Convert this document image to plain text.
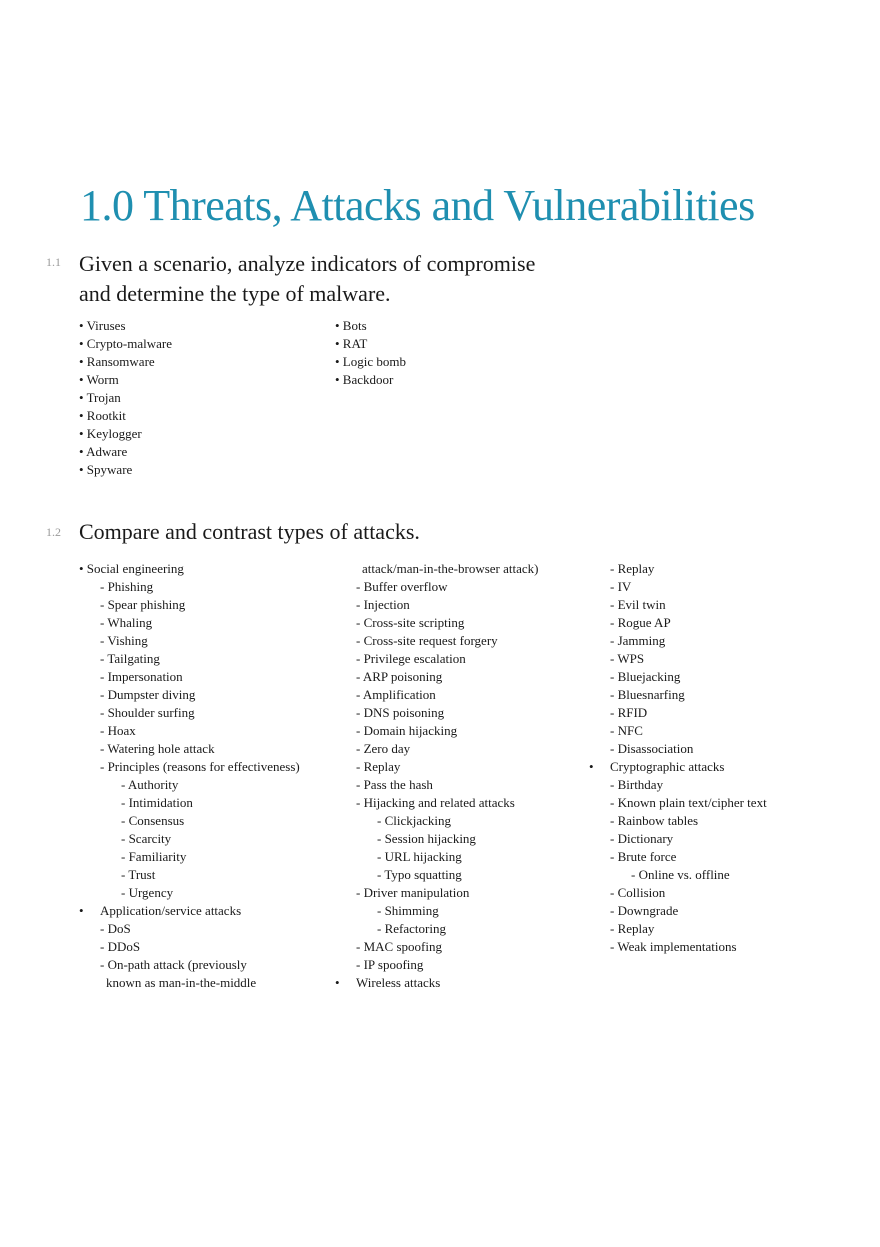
1.0 Threats, Attacks and Vulnerabilities
1.1 Given a scenario, analyze indicators of compromise
and determine the type of malware.
• Viruses
• Crypto-malware
• Ransomware
• Worm
• Trojan
• Rootkit
• Keylogger
• Adware
• Spyware
• Bots
• RAT
• Logic bomb
• Backdoor
1.2 Compare and contrast types of attacks.
• Social engineering
- Phishing
- Spear phishing
- Whaling
- Vishing
- Tailgating
- Impersonation
- Dumpster diving
- Shoulder surfing
- Hoax
- Watering hole attack
- Principles (reasons for effectiveness)
- Authority
- Intimidation
- Consensus
- Scarcity
- Familiarity
- Trust
- Urgency
• Application/service attacks
- DoS
- DDoS
- On-path attack (previously
known as man-in-the-middle
attack/man-in-the-browser attack)
- Buffer overflow
- Injection
- Cross-site scripting
- Cross-site request forgery
- Privilege escalation
- ARP poisoning
- Amplification
- DNS poisoning
- Domain hijacking
- Zero day
- Replay
- Pass the hash
- Hijacking and related attacks
- Clickjacking
- Session hijacking
- URL hijacking
- Typo squatting
- Driver manipulation
- Shimming
- Refactoring
- MAC spoofing
- IP spoofing
• Wireless attacks
- Replay
- IV
- Evil twin
- Rogue AP
- Jamming
- WPS
- Bluejacking
- Bluesnarfing
- RFID
- NFC
- Disassociation
• Cryptographic attacks
- Birthday
- Known plain text/cipher text
- Rainbow tables
- Dictionary
- Brute force
- Online vs. offline
- Collision
- Downgrade
- Replay
- Weak implementations
